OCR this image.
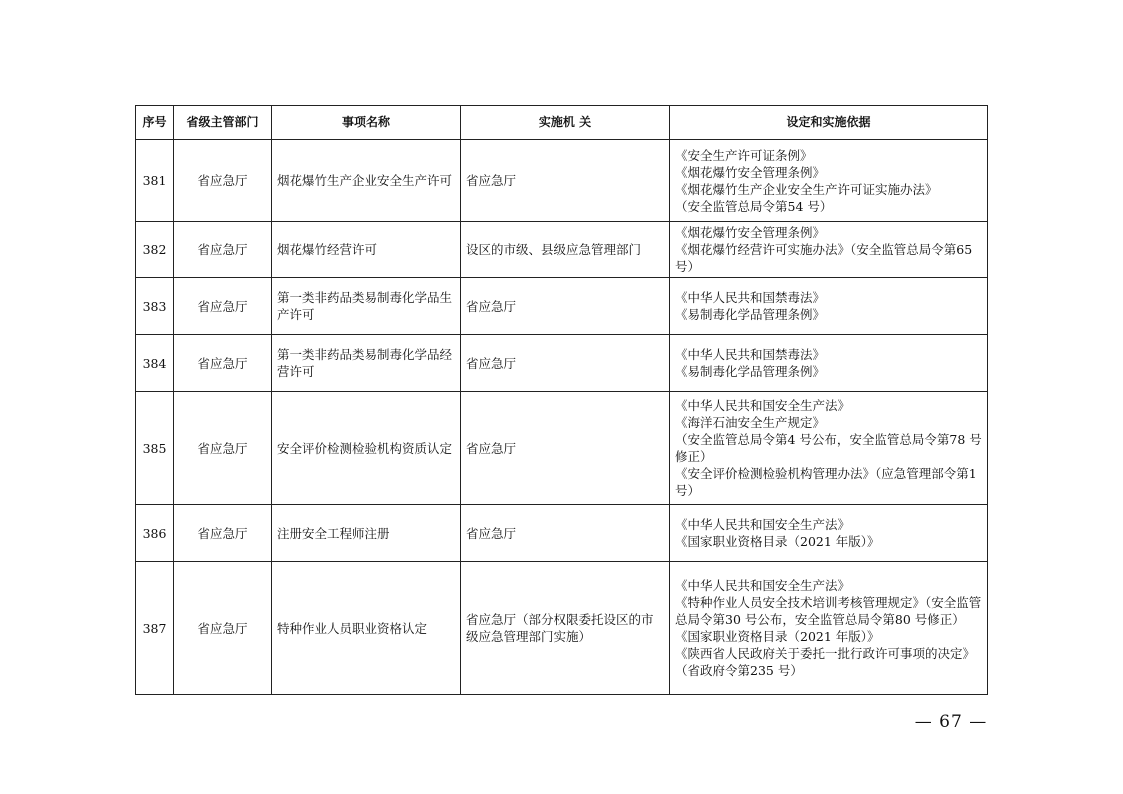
序号	省级主管部门	事项名称	实施机 关	设定和实施依据
381	省应急厅	烟花爆竹生产企业安全生产许可	省应急厅	《安全生产许可证条例》
《烟花爆竹安全管理条例》
《烟花爆竹生产企业安全生产许可证实施办法》
（安全监管总局令第54 号）

382	省应急厅	烟花爆竹经营许可	设区的市级、县级应急管理部门	《烟花爆竹安全管理条例》
《烟花爆竹经营许可实施办法》（安全监管总局令第65 号）

383	省应急厅	第一类非药品类易制毒化学品生产许可	省应急厅	《中华人民共和国禁毒法》
《易制毒化学品管理条例》

384	省应急厅	第一类非药品类易制毒化学品经营许可	省应急厅	《中华人民共和国禁毒法》
《易制毒化学品管理条例》

385	省应急厅	安全评价检测检验机构资质认定	省应急厅	《中华人民共和国安全生产法》
《海洋石油安全生产规定》
（安全监管总局令第4 号公布，安全监管总局令第78 号修正）
《安全评价检测检验机构管理办法》（应急管理部令第1 号）

386	省应急厅	注册安全工程师注册	省应急厅	《中华人民共和国安全生产法》
《国家职业资格目录（2021 年版）》

387	省应急厅	特种作业人员职业资格认定	省应急厅（部分权限委托设区的市级应急管理部门实施）	《中华人民共和国安全生产法》
《特种作业人员安全技术培训考核管理规定》（安全监管总局令第30 号公布，安全监管总局令第80 号修正）
《国家职业资格目录（2021 年版）》
《陕西省人民政府关于委托一批行政许可事项的决定》（省政府令第235 号）
— 67 —
